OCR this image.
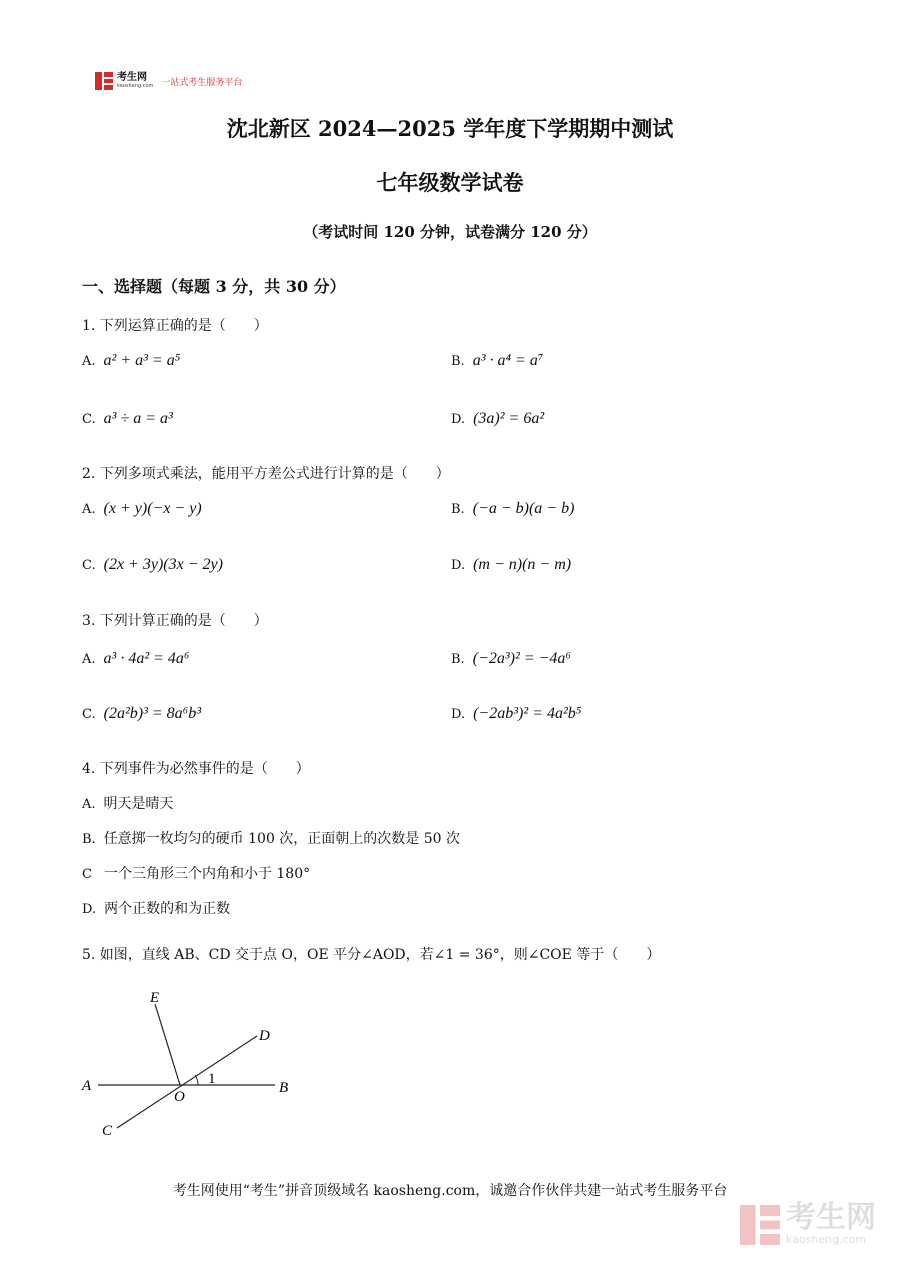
考生网
kaosheng.com 一站式考生服务平台
沈北新区 2024—2025 学年度下学期期中测试
七年级数学试卷
（考试时间 120 分钟，试卷满分 120 分）
一、选择题（每题 3 分，共 30 分）
1. 下列运算正确的是（　　）
A. a² + a³ = a⁵	B. a³ · a⁴ = a⁷
C. a³ ÷ a = a³	D. (3a)² = 6a²
2. 下列多项式乘法，能用平方差公式进行计算的是（　　）
A. (x + y)(−x − y)	B. (−a − b)(a − b)
C. (2x + 3y)(3x − 2y)	D. (m − n)(n − m)
3. 下列计算正确的是（　　）
A. a³ · 4a² = 4a⁶	B. (−2a³)² = −4a⁶
C. (2a²b)³ = 8a⁶b³	D. (−2ab³)² = 4a²b⁵
4. 下列事件为必然事件的是（　　）
A. 明天是晴天
B. 任意掷一枚均匀的硬币 100 次，正面朝上的次数是 50 次
C 一个三角形三个内角和小于 180°
D. 两个正数的和为正数
5. 如图，直线 AB、CD 交于点 O，OE 平分∠AOD，若∠1 = 36°，则∠COE 等于（　　）
E
D
A	B
O
C
1
考生网使用“考生”拼音顶级域名 kaosheng.com，诚邀合作伙伴共建一站式考生服务平台
考生网
kaosheng.com
